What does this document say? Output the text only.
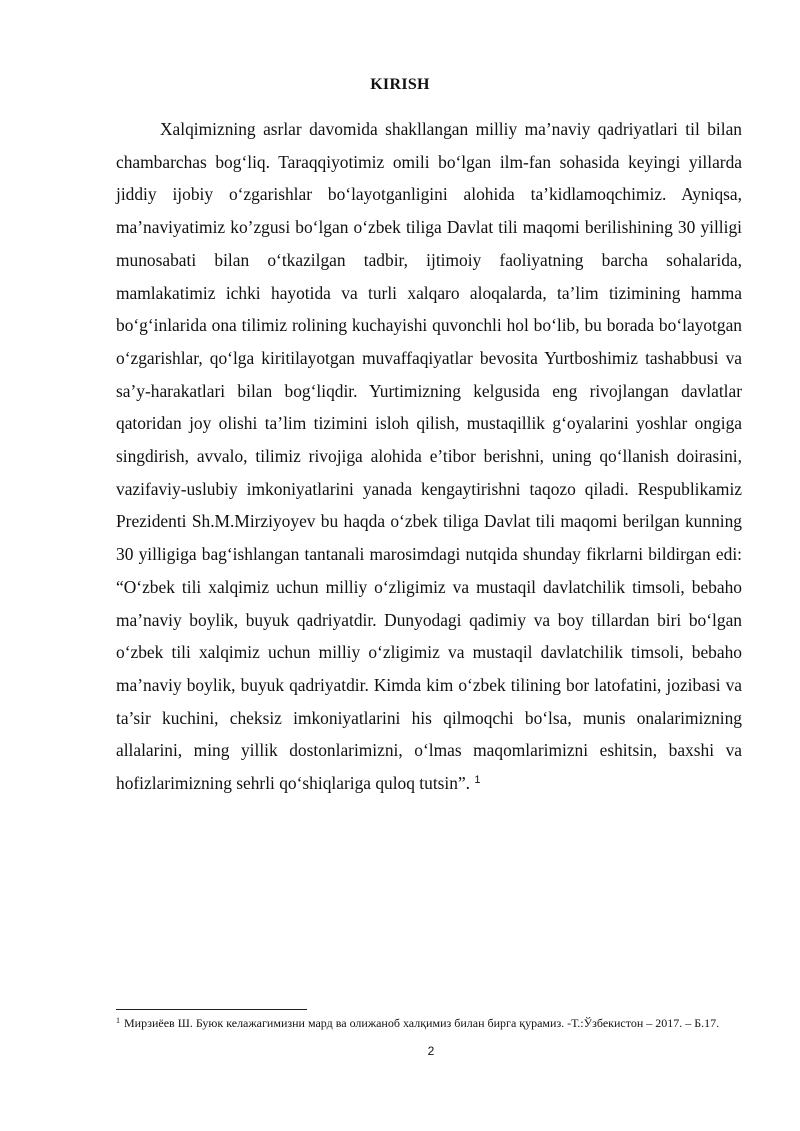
KIRISH

Xalqimizning asrlar davomida shakllangan milliy ma’naviy qadriyatlari til bilan chambarchas bog‘liq. Taraqqiyotimiz omili bo‘lgan ilm-fan sohasida keyingi yillarda jiddiy ijobiy o‘zgarishlar bo‘layotganligini alohida ta’kidlamoqchimiz. Ayniqsa, ma’naviyatimiz ko’zgusi bo‘lgan o‘zbek tiliga Davlat tili maqomi berilishining 30 yilligi munosabati bilan o‘tkazilgan tadbir, ijtimoiy faoliyatning barcha sohalarida, mamlakatimiz ichki hayotida va turli xalqaro aloqalarda, ta’lim tizimining hamma bo‘g‘inlarida ona tilimiz rolining kuchayishi quvonchli hol bo‘lib, bu borada bo‘layotgan o‘zgarishlar, qo‘lga kiritilayotgan muvaffaqiyatlar bevosita Yurtboshimiz tashabbusi va sa’y-harakatlari bilan bog‘liqdir. Yurtimizning kelgusida eng rivojlangan davlatlar qatoridan joy olishi ta’lim tizimini isloh qilish, mustaqillik g‘oyalarini yoshlar ongiga singdirish, avvalo, tilimiz rivojiga alohida e’tibor berishni, uning qo‘llanish doirasini, vazifaviy-uslubiy imkoniyatlarini yanada kengaytirishni taqozo qiladi. Respublikamiz Prezidenti Sh.M.Mirziyoyev bu haqda o‘zbek tiliga Davlat tili maqomi berilgan kunning 30 yilligiga bag‘ishlangan tantanali marosimdagi nutqida shunday fikrlarni bildirgan edi: “O‘zbek tili xalqimiz uchun milliy o‘zligimiz va mustaqil davlatchilik timsoli, bebaho ma’naviy boylik, buyuk qadriyatdir. Dunyodagi qadimiy va boy tillardan biri bo‘lgan o‘zbek tili xalqimiz uchun milliy o‘zligimiz va mustaqil davlatchilik timsoli, bebaho ma’naviy boylik, buyuk qadriyatdir. Kimda kim o‘zbek tilining bor latofatini, jozibasi va ta’sir kuchini, cheksiz imkoniyatlarini his qilmoqchi bo‘lsa, munis onalarimizning allalarini, ming yillik dostonlarimizni, o‘lmas maqomlarimizni eshitsin, baxshi va hofizlarimizning sehrli qo‘shiqlariga quloq tutsin”. $^1$

$^1$ Мирзиёев Ш. Буюк келажагимизни мард ва олижаноб халқимиз билан бирга қурамиз. -Т.:Ўзбекистон – 2017. – Б.17.

2
